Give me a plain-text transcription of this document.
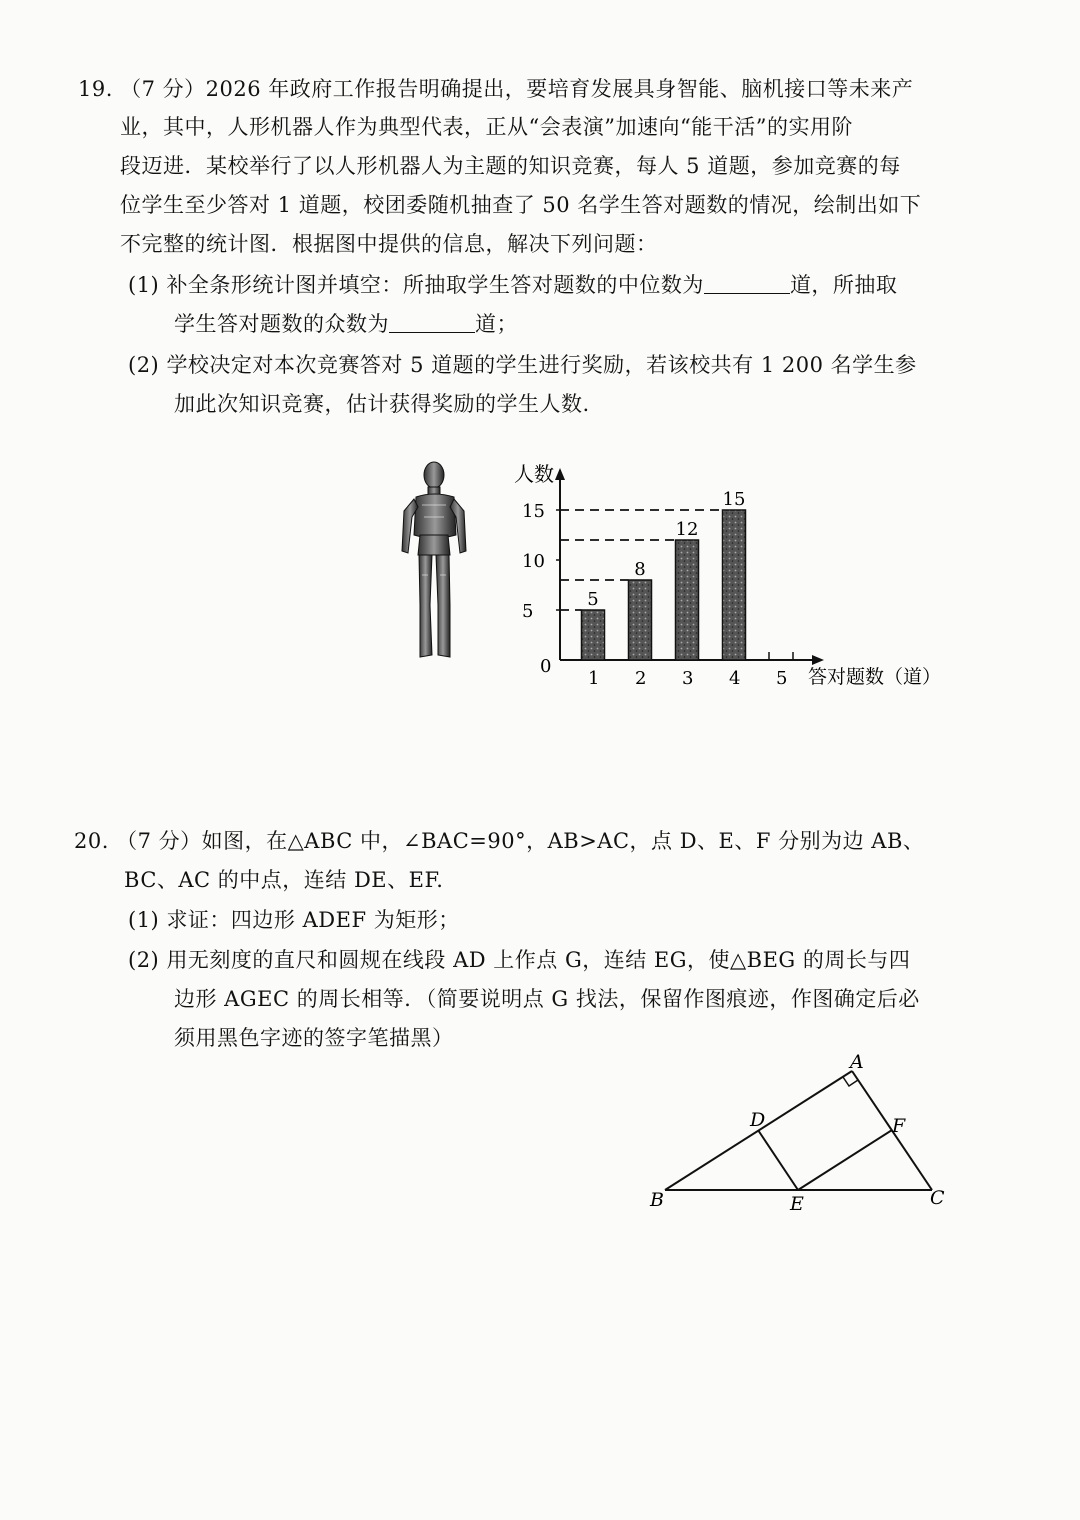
19. （7 分）2026 年政府工作报告明确提出，要培育发展具身智能、脑机接口等未来产
业，其中，人形机器人作为典型代表，正从“会表演”加速向“能干活”的实用阶
段迈进．某校举行了以人形机器人为主题的知识竞赛，每人 5 道题，参加竞赛的每
位学生至少答对 1 道题，校团委随机抽查了 50 名学生答对题数的情况，绘制出如下
不完整的统计图．根据图中提供的信息，解决下列问题：
(1) 补全条形统计图并填空：所抽取学生答对题数的中位数为	道，所抽取
学生答对题数的众数为	道；
(2) 学校决定对本次竞赛答对 5 道题的学生进行奖励，若该校共有 1 200 名学生参
加此次知识竞赛，估计获得奖励的学生人数.
人数
答对题数（道）
0
15
10
5
1
5
2
8
3
12
4
15
5
20. （7 分）如图，在△ABC 中，∠BAC=90°，AB>AC，点 D、E、F 分别为边 AB、
BC、AC 的中点，连结 DE、EF.
(1) 求证：四边形 ADEF 为矩形；
(2) 用无刻度的直尺和圆规在线段 AD 上作点 G，连结 EG，使△BEG 的周长与四
边形 AGEC 的周长相等．（简要说明点 G 找法，保留作图痕迹，作图确定后必
须用黑色字迹的签字笔描黑）
A
B	C
D
E
F
